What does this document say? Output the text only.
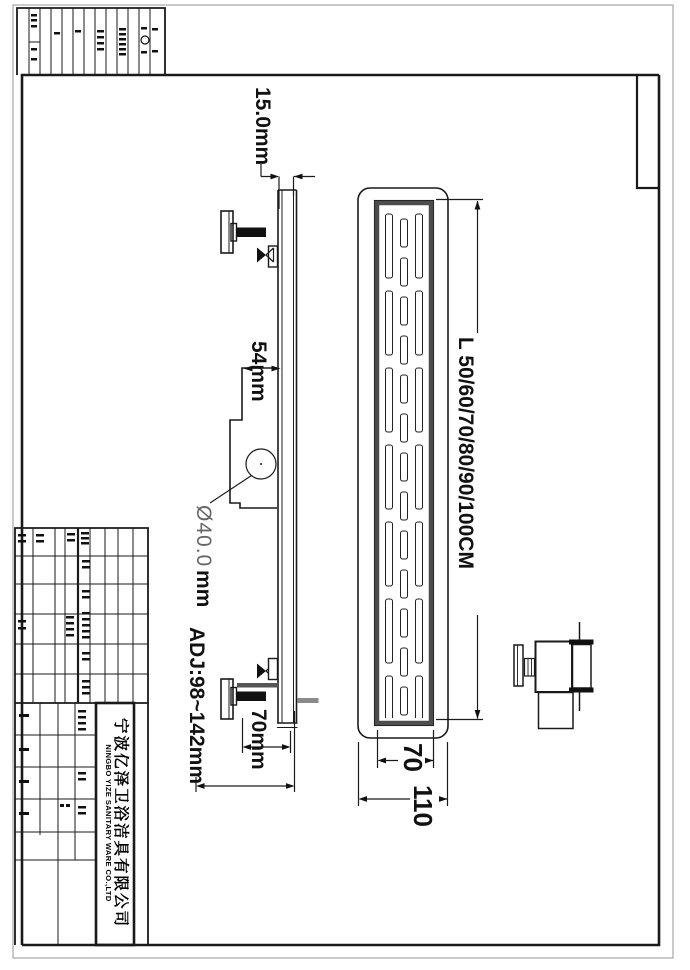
15.0mm
54mm
Ø40.0
mm
ADJ:98~142mm 70mm
L 50/60/70/80/90/100CM
70
110
宁波亿泽卫浴洁具有限公司
NINGBO YIZE SANITARY WARE CO.,LTD
